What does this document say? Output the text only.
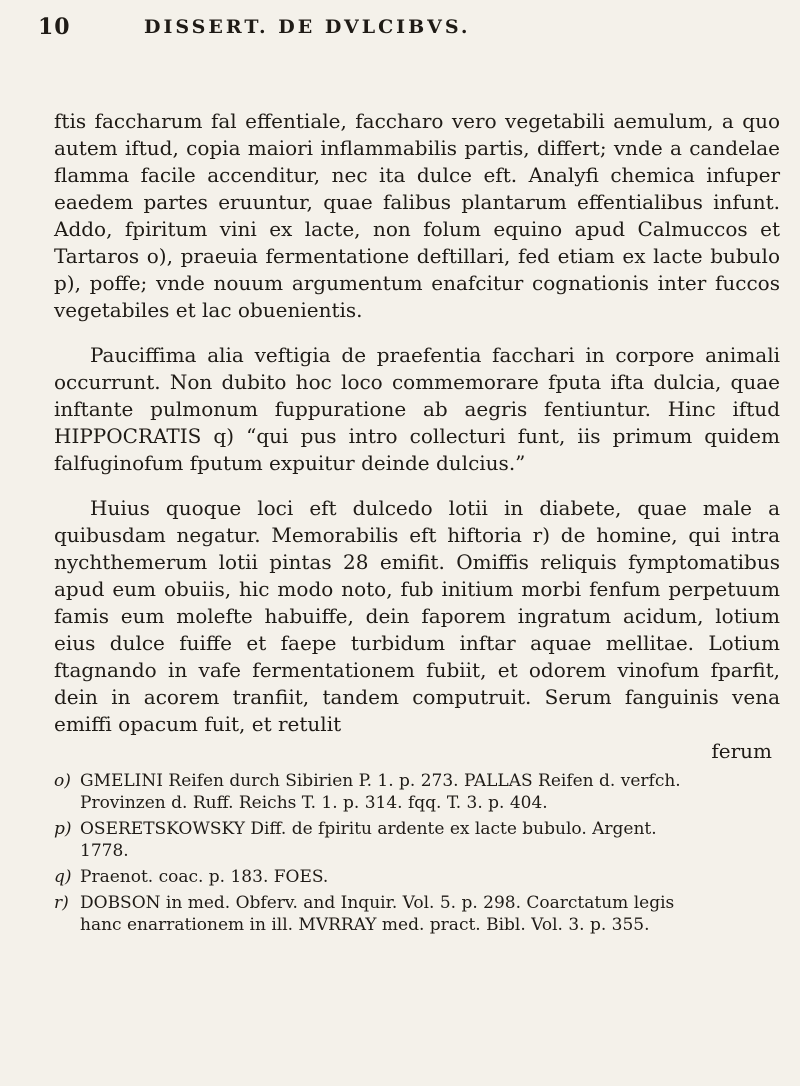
10	DISSERT. DE DVLCIBVS.

ftis faccharum fal effentiale, faccharo vero vegetabili aemulum, a quo autem iftud, copia maiori inflammabilis partis, differt; vnde a candelae flamma facile accenditur, nec ita dulce eft. Analyfi chemica infuper eaedem partes eruuntur, quae falibus plantarum effentialibus infunt. Addo, fpiritum vini ex lacte, non folum equino apud Calmuccos et Tartaros o), praeuia fermentatione deftillari, fed etiam ex lacte bubulo p), poffe; vnde nouum argumentum enafcitur cognationis inter fuccos vegetabiles et lac obuenientis.

Pauciffima alia veftigia de praefentia facchari in corpore animali occurrunt. Non dubito hoc loco commemorare fputa ifta dulcia, quae inftante pulmonum fuppuratione ab aegris fentiuntur. Hinc iftud HIPPOCRATIS q) “qui pus intro collecturi funt, iis primum quidem falfuginofum fputum expuitur deinde dulcius.”

Huius quoque loci eft dulcedo lotii in diabete, quae male a quibusdam negatur. Memorabilis eft hiftoria r) de homine, qui intra nychthemerum lotii pintas 28 emifit. Omiffis reliquis fymptomatibus apud eum obuiis, hic modo noto, fub initium morbi fenfum perpetuum famis eum molefte habuiffe, dein faporem ingratum acidum, lotium eius dulce fuiffe et faepe turbidum inftar aquae mellitae. Lotium ftagnando in vafe fermentationem fubiit, et odorem vinofum fparfit, dein in acorem tranfiit, tandem computruit. Serum fanguinis vena emiffi opacum fuit, et retulit

ferum
o) GMELINI Reifen durch Sibirien P. 1. p. 273. PALLAS Reifen d. verfch.
Provinzen d. Ruff. Reichs T. 1. p. 314. fqq. T. 3. p. 404.
p) OSERETSKOWSKY Diff. de fpiritu ardente ex lacte bubulo. Argent.
1778.
q) Praenot. coac. p. 183. FOES.
r) DOBSON in med. Obferv. and Inquir. Vol. 5. p. 298. Coarctatum legis
hanc enarrationem in ill. MVRRAY med. pract. Bibl. Vol. 3. p. 355.
